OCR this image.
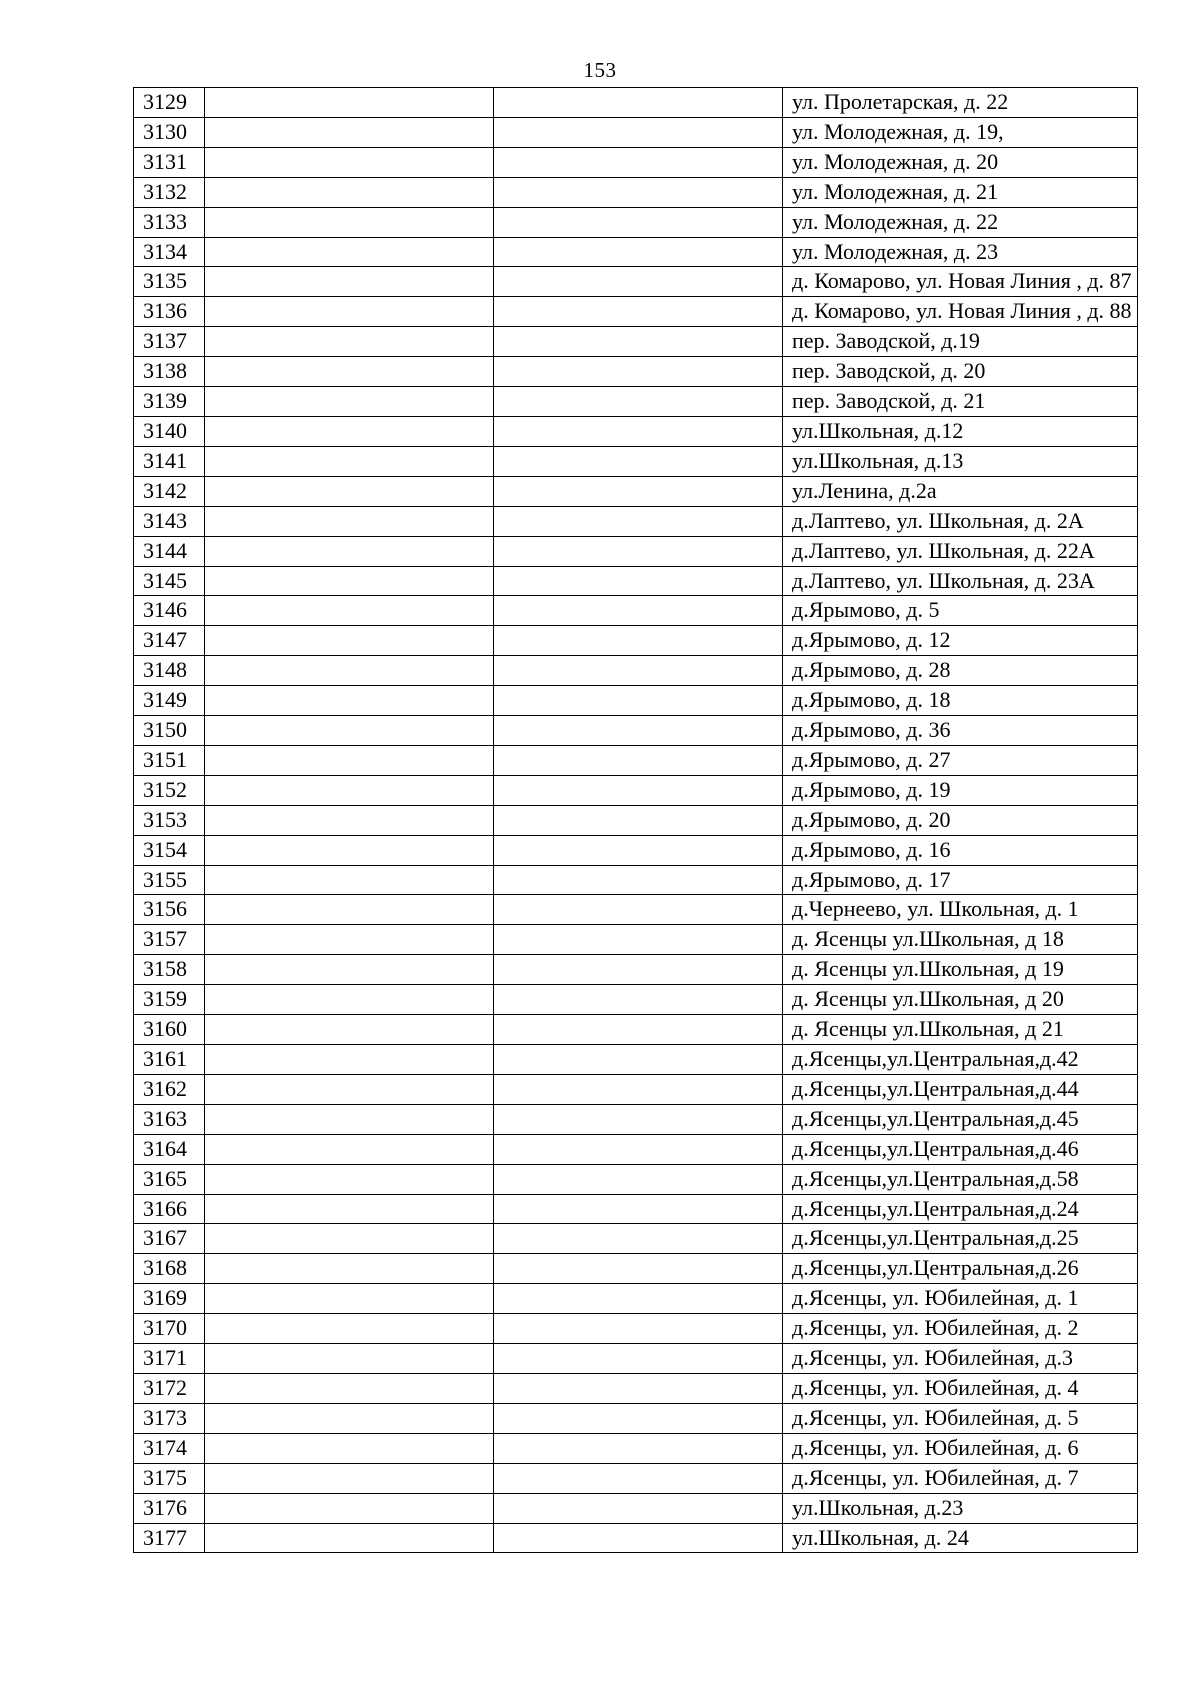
153
3129			ул. Пролетарская, д. 22
3130			ул. Молодежная, д. 19,
3131			ул. Молодежная, д. 20
3132			ул. Молодежная, д. 21
3133			ул. Молодежная, д. 22
3134			ул. Молодежная, д. 23
3135			д. Комарово, ул. Новая Линия , д. 87
3136			д. Комарово, ул. Новая Линия , д. 88
3137			пер. Заводской, д.19
3138			пер. Заводской, д. 20
3139			пер. Заводской, д. 21
3140			ул.Школьная, д.12
3141			ул.Школьная, д.13
3142			ул.Ленина, д.2а
3143			д.Лаптево, ул. Школьная, д. 2А
3144			д.Лаптево, ул. Школьная, д. 22А
3145			д.Лаптево, ул. Школьная, д. 23А
3146			д.Ярымово, д. 5
3147			д.Ярымово, д. 12
3148			д.Ярымово, д. 28
3149			д.Ярымово, д. 18
3150			д.Ярымово, д. 36
3151			д.Ярымово, д. 27
3152			д.Ярымово, д. 19
3153			д.Ярымово, д. 20
3154			д.Ярымово, д. 16
3155			д.Ярымово, д. 17
3156			д.Чернеево, ул. Школьная, д. 1
3157			д. Ясенцы ул.Школьная, д 18
3158			д. Ясенцы ул.Школьная, д 19
3159			д. Ясенцы ул.Школьная, д 20
3160			д. Ясенцы ул.Школьная, д 21
3161			д.Ясенцы,ул.Центральная,д.42
3162			д.Ясенцы,ул.Центральная,д.44
3163			д.Ясенцы,ул.Центральная,д.45
3164			д.Ясенцы,ул.Центральная,д.46
3165			д.Ясенцы,ул.Центральная,д.58
3166			д.Ясенцы,ул.Центральная,д.24
3167			д.Ясенцы,ул.Центральная,д.25
3168			д.Ясенцы,ул.Центральная,д.26
3169			д.Ясенцы, ул. Юбилейная, д. 1
3170			д.Ясенцы, ул. Юбилейная, д. 2
3171			д.Ясенцы, ул. Юбилейная, д.3
3172			д.Ясенцы, ул. Юбилейная, д. 4
3173			д.Ясенцы, ул. Юбилейная, д. 5
3174			д.Ясенцы, ул. Юбилейная, д. 6
3175			д.Ясенцы, ул. Юбилейная, д. 7
3176			ул.Школьная, д.23
3177			ул.Школьная, д. 24
